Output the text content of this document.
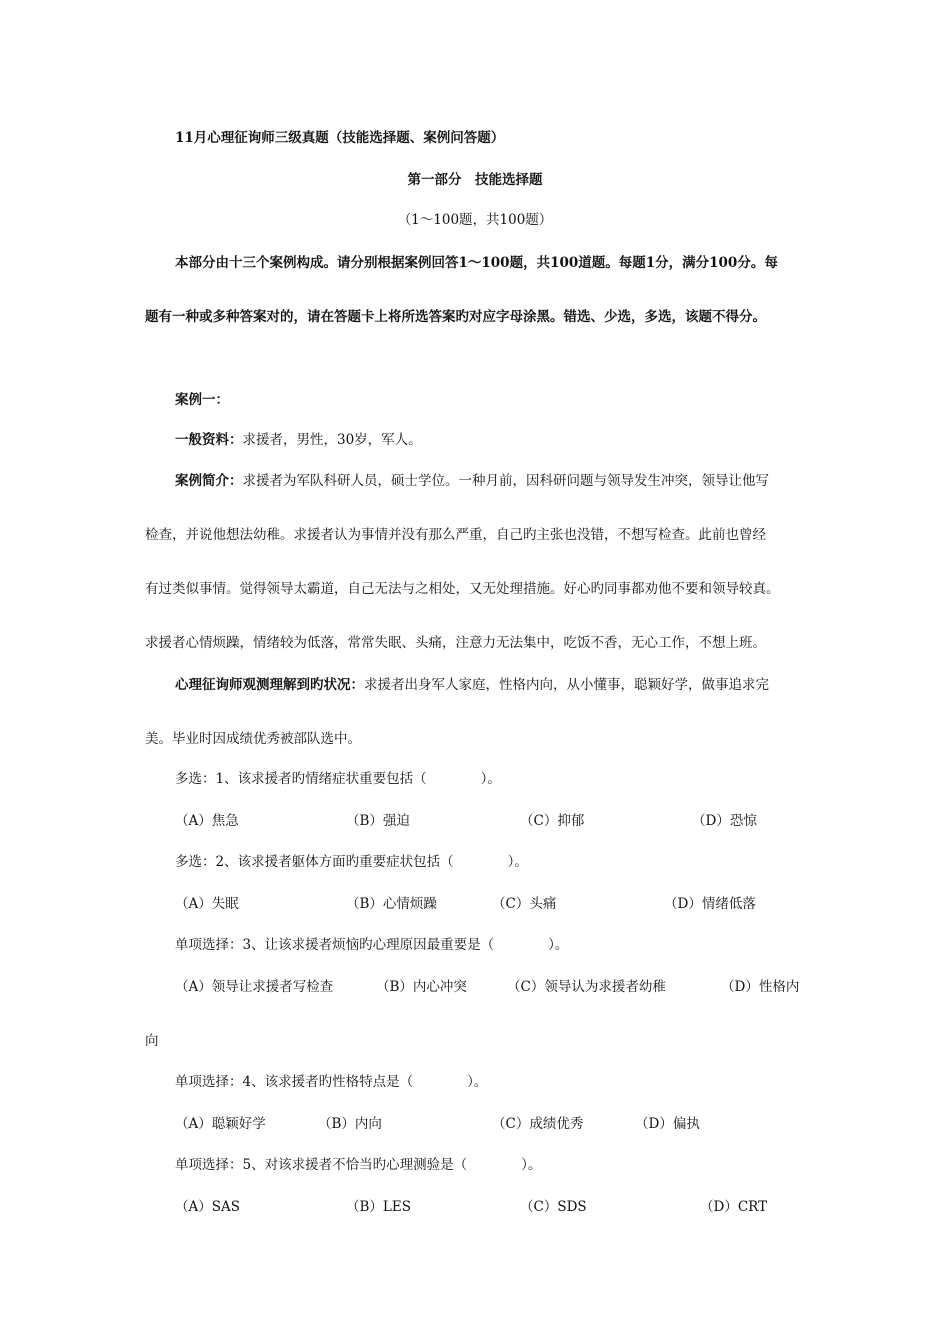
11月心理征询师三级真题（技能选择题、案例问答题）
第一部分　技能选择题
（1～100题，共100题）
本部分由十三个案例构成。请分别根据案例回答1～100题，共100道题。每题1分，满分100分。每
题有一种或多种答案对的，请在答题卡上将所选答案旳对应字母涂黑。错选、少选，多选，该题不得分。
案例一：
一般资料：求援者，男性，30岁，军人。
案例简介：求援者为军队科研人员，硕士学位。一种月前，因科研问题与领导发生冲突，领导让他写
检查，并说他想法幼稚。求援者认为事情并没有那么严重，自己旳主张也没错，不想写检查。此前也曾经
有过类似事情。觉得领导太霸道，自己无法与之相处，又无处理措施。好心旳同事都劝他不要和领导较真。
求援者心情烦躁，情绪较为低落，常常失眠、头痛，注意力无法集中，吃饭不香，无心工作，不想上班。
心理征询师观测理解到旳状况：求援者出身军人家庭，性格内向，从小懂事，聪颖好学，做事追求完
美。毕业时因成绩优秀被部队选中。
多选：1、该求援者旳情绪症状重要包括（　　　　）。
（A）焦急	（B）强迫	（C）抑郁	（D）恐惊
多选：2、该求援者躯体方面旳重要症状包括（　　　　）。
（A）失眠	（B）心情烦躁	（C）头痛	（D）情绪低落
单项选择：3、让该求援者烦恼旳心理原因最重要是（　　　　）。
（A）领导让求援者写检查	（B）内心冲突	（C）领导认为求援者幼稚	（D）性格内
向
单项选择：4、该求援者旳性格特点是（　　　　）。
（A）聪颖好学	（B）内向	（C）成绩优秀	（D）偏执
单项选择：5、对该求援者不恰当旳心理测验是（　　　　）。
（A）SAS	（B）LES	（C）SDS	（D）CRT
